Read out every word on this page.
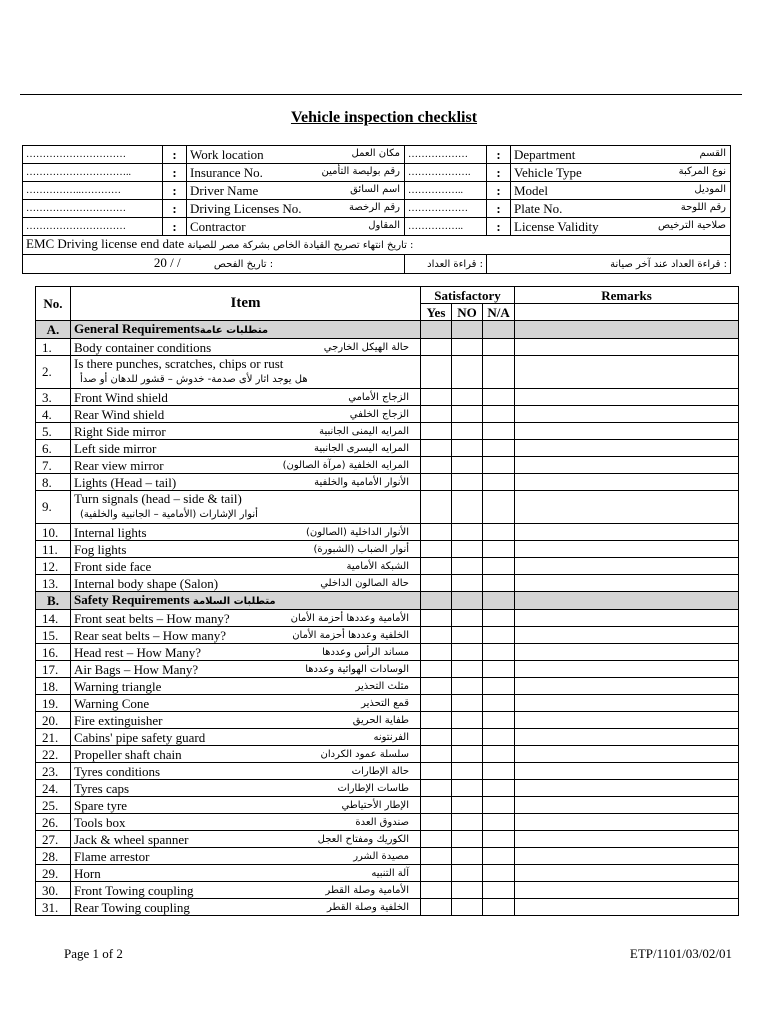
Vehicle inspection checklist
…………………………	:	Work location مكان العمل	………………	:	Department القسم

…………………………..	:	Insurance No. رقم بوليصة التأمين	……………….	:	Vehicle Type نوع المركبة

……………..…………	:	Driver Name اسم السائق	……………..	:	Model الموديل

…………………………	:	Driving Licenses No. رقم الرخصة	………………	:	Plate No. رقم اللوحة

…………………………	:	Contractor المقاول	……………..	:	License Validity صلاحية الترخيص

EMC Driving license end date تاريخ انتهاء تصريح القيادة الخاص بشركة مصر للصيانة :					
20 / / تاريخ الفحص :			قراءة العداد :	قراءة العداد عند آخر صيانة :	
No.	Item	Satisfactory			Remarks
		Yes	NO	N/A	
A.	General Requirementsمتطلبات عامة				
1.	Body container conditions حالة الهيكل الخارجي				

2.	Is there punches, scratches, chips or rust
هل يوجد اثار لأى صدمة- خدوش – قشور للدهان أو صدأ				

3.	Front Wind shield الزجاج الأمامي				

4.	Rear Wind shield الزجاج الخلفي				

5.	Right Side mirror المرايه اليمنى الجانبية				

6.	Left side mirror المرايه اليسرى الجانبية				

7.	Rear view mirror المرايه الخلفية (مرآة الصالون)				

8.	Lights (Head – tail) الأنوار الأمامية والخلفية				

9.	Turn signals (head – side & tail)
أنوار الإشارات (الأمامية – الجانبية والخلفية)				

10.	Internal lights الأنوار الداخلية (الصالون)				

11.	Fog lights أنوار الضباب (الشبورة)				

12.	Front side face الشبكة الأمامية				

13.	Internal body shape (Salon) حالة الصالون الداخلي				

B.	Safety Requirements متطلبات السلامة				
14.	Front seat belts – How many? الأمامية وعددها أحزمة الأمان				

15.	Rear seat belts – How many? الخلفية وعددها أحزمة الأمان				

16.	Head rest – How Many? مساند الرأس وعددها				

17.	Air Bags – How Many? الوسادات الهوائية وعددها				

18.	Warning triangle مثلث التحذير				

19.	Warning Cone قمع التحذير				

20.	Fire extinguisher طفاية الحريق				

21.	Cabins' pipe safety guard الفرنتونه				

22.	Propeller shaft chain سلسلة عمود الكردان				

23.	Tyres conditions حالة الإطارات				

24.	Tyres caps طاسات الإطارات				

25.	Spare tyre الإطار الأحتياطي				

26.	Tools box صندوق العدة				

27.	Jack & wheel spanner الكوريك ومفتاح العجل				

28.	Flame arrestor مصيدة الشرر				

29.	Horn آلة التنبيه				

30.	Front Towing coupling الأمامية وصلة القطر				

31.	Rear Towing coupling الخلفية وصلة القطر				

Page 1 of 2	ETP/1101/03/02/01
